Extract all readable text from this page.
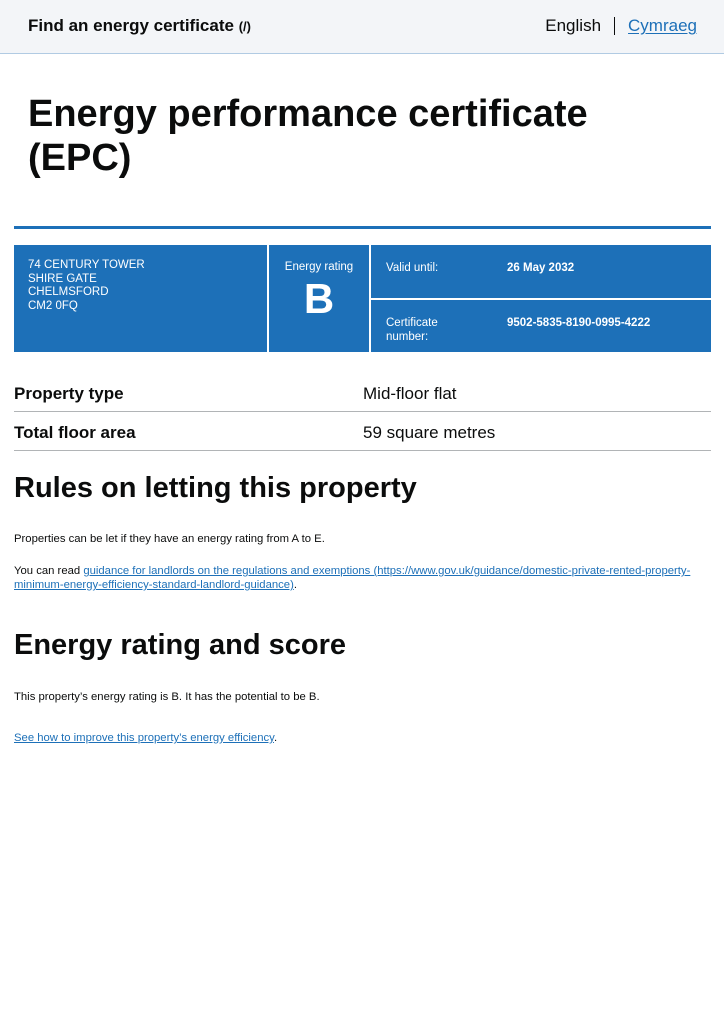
Find an energy certificate (/)	English Cymraeg
Energy performance certificate (EPC)
74 CENTURY TOWER
SHIRE GATE
CHELMSFORD
CM2 0FQ
Energy rating
B
Valid until:	26 May 2032
Certificate number:
9502-5835-8190-0995-4222
Property type	Mid-floor flat
Total floor area	59 square metres
Rules on letting this property

Properties can be let if they have an energy rating from A to E.

You can read guidance for landlords on the regulations and exemptions (https://www.gov.uk/guidance/domestic-private-rented-property-minimum-energy-efficiency-standard-landlord-guidance).

Energy rating and score

This property’s energy rating is B. It has the potential to be B.

See how to improve this property’s energy efficiency.
